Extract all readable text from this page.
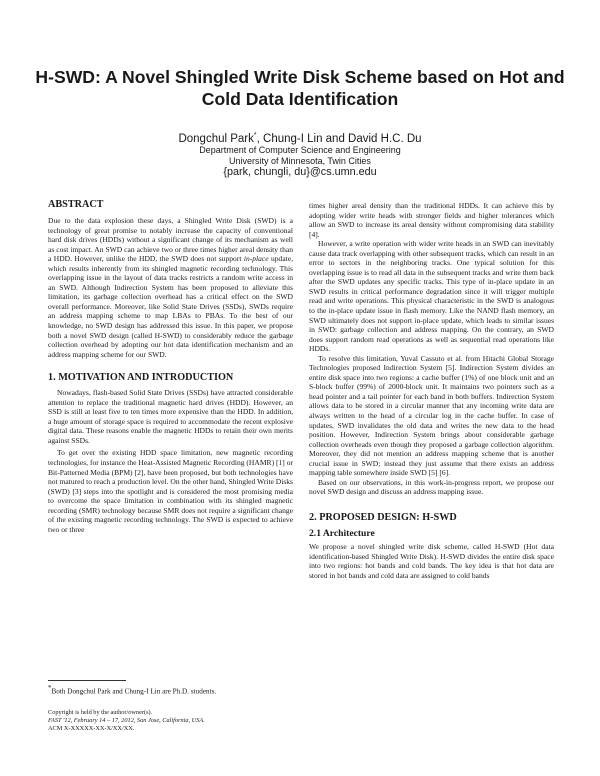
H-SWD: A Novel Shingled Write Disk Scheme based on Hot and Cold Data Identification
Dongchul Park*, Chung-I Lin and David H.C. Du
Department of Computer Science and Engineering
University of Minnesota, Twin Cities
{park, chungli, du}@cs.umn.edu
ABSTRACT

Due to the data explosion these days, a Shingled Write Disk (SWD) is a technology of great promise to notably increase the capacity of conventional hard disk drives (HDDs) without a significant change of its mechanism as well as cost impact. An SWD can achieve two or three times higher areal density than a HDD. However, unlike the HDD, the SWD does not support in-place update, which results inherently from its shingled magnetic recording technology. This overlapping issue in the layout of data tracks restricts a random write access in an SWD. Although Indirection System has been proposed to alleviate this limitation, its garbage collection overhead has a critical effect on the SWD overall performance. Moreover, like Solid State Drives (SSDs), SWDs require an address mapping scheme to map LBAs to PBAs. To the best of our knowledge, no SWD design has addressed this issue. In this paper, we propose both a novel SWD design (called H-SWD) to considerably reduce the garbage collection overhead by adopting our hot data identification mechanism and an address mapping scheme for our SWD.

1. MOTIVATION AND INTRODUCTION

Nowadays, flash-based Solid State Drives (SSDs) have attracted considerable attention to replace the traditional magnetic hard drives (HDD). However, an SSD is still at least five to ten times more expensive than the HDD. In addition, a huge amount of storage space is required to accommodate the recent explosive digital data. These reasons enable the magnetic HDDs to retain their own merits against SSDs.

To get over the existing HDD space limitation, new magnetic recording technologies, for instance the Heat-Assisted Magnetic Recording (HAMR) [1] or Bit-Patterned Media (BPM) [2], have been proposed, but both technologies have not matured to reach a production level. On the other hand, Shingled Write Disks (SWD) [3] steps into the spotlight and is considered the most promising media to overcome the space limitation in combination with its shingled magnetic recording (SMR) technology because SMR does not require a significant change of the existing magnetic recording technology. The SWD is expected to achieve two or three

*Both Dongchul Park and Chung-I Lin are Ph.D. students.

Copyright is held by the author/owner(s).
FAST '12, February 14 – 17, 2012, San Jose, California, USA.
ACM X-XXXXX-XX-X/XX/XX.

times higher areal density than the traditional HDDs. It can achieve this by adopting wider write heads with stronger fields and higher tolerances which allow an SWD to increase its areal density without compromising data stability [4].

However, a write operation with wider write heads in an SWD can inevitably cause data track overlapping with other subsequent tracks, which can result in an error to sectors in the neighboring tracks. One typical solution for this overlapping issue is to read all data in the subsequent tracks and write them back after the SWD updates any specific tracks. This type of in-place update in an SWD results in critical performance degradation since it will trigger multiple read and write operations. This physical characteristic in the SWD is analogous to the in-place update issue in flash memory. Like the NAND flash memory, an SWD ultimately does not support in-place update, which leads to similar issues in SWD: garbage collection and address mapping. On the contrary, an SWD does support random read operations as well as sequential read operations like HDDs.

To resolve this limitation, Yuval Cassuto et al. from Hitachi Global Storage Technologies proposed Indirection System [5]. Indirection System divides an entire disk space into two regions: a cache buffer (1%) of one block unit and an S-block buffer (99%) of 2000-block unit. It maintains two pointers such as a head pointer and a tail pointer for each band in both buffers. Indirection System allows data to be stored in a circular manner that any incoming write data are always written to the head of a circular log in the cache buffer. In case of updates, SWD invalidates the old data and writes the new data to the head position. However, Indirection System brings about considerable garbage collection overheads even though they proposed a garbage collection algorithm. Moreover, they did not mention an address mapping scheme that is another crucial issue in SWD; instead they just assume that there exists an address mapping table somewhere inside SWD [5] [6].

Based on our observations, in this work-in-progress report, we propose our novel SWD design and discuss an address mapping issue.

2. PROPOSED DESIGN: H-SWD
2.1 Architecture

We propose a novel shingled write disk scheme, called H-SWD (Hot data identification-based Shingled Write Disk). H-SWD divides the entire disk space into two regions: hot bands and cold bands. The key idea is that hot data are stored in hot bands and cold data are assigned to cold bands
